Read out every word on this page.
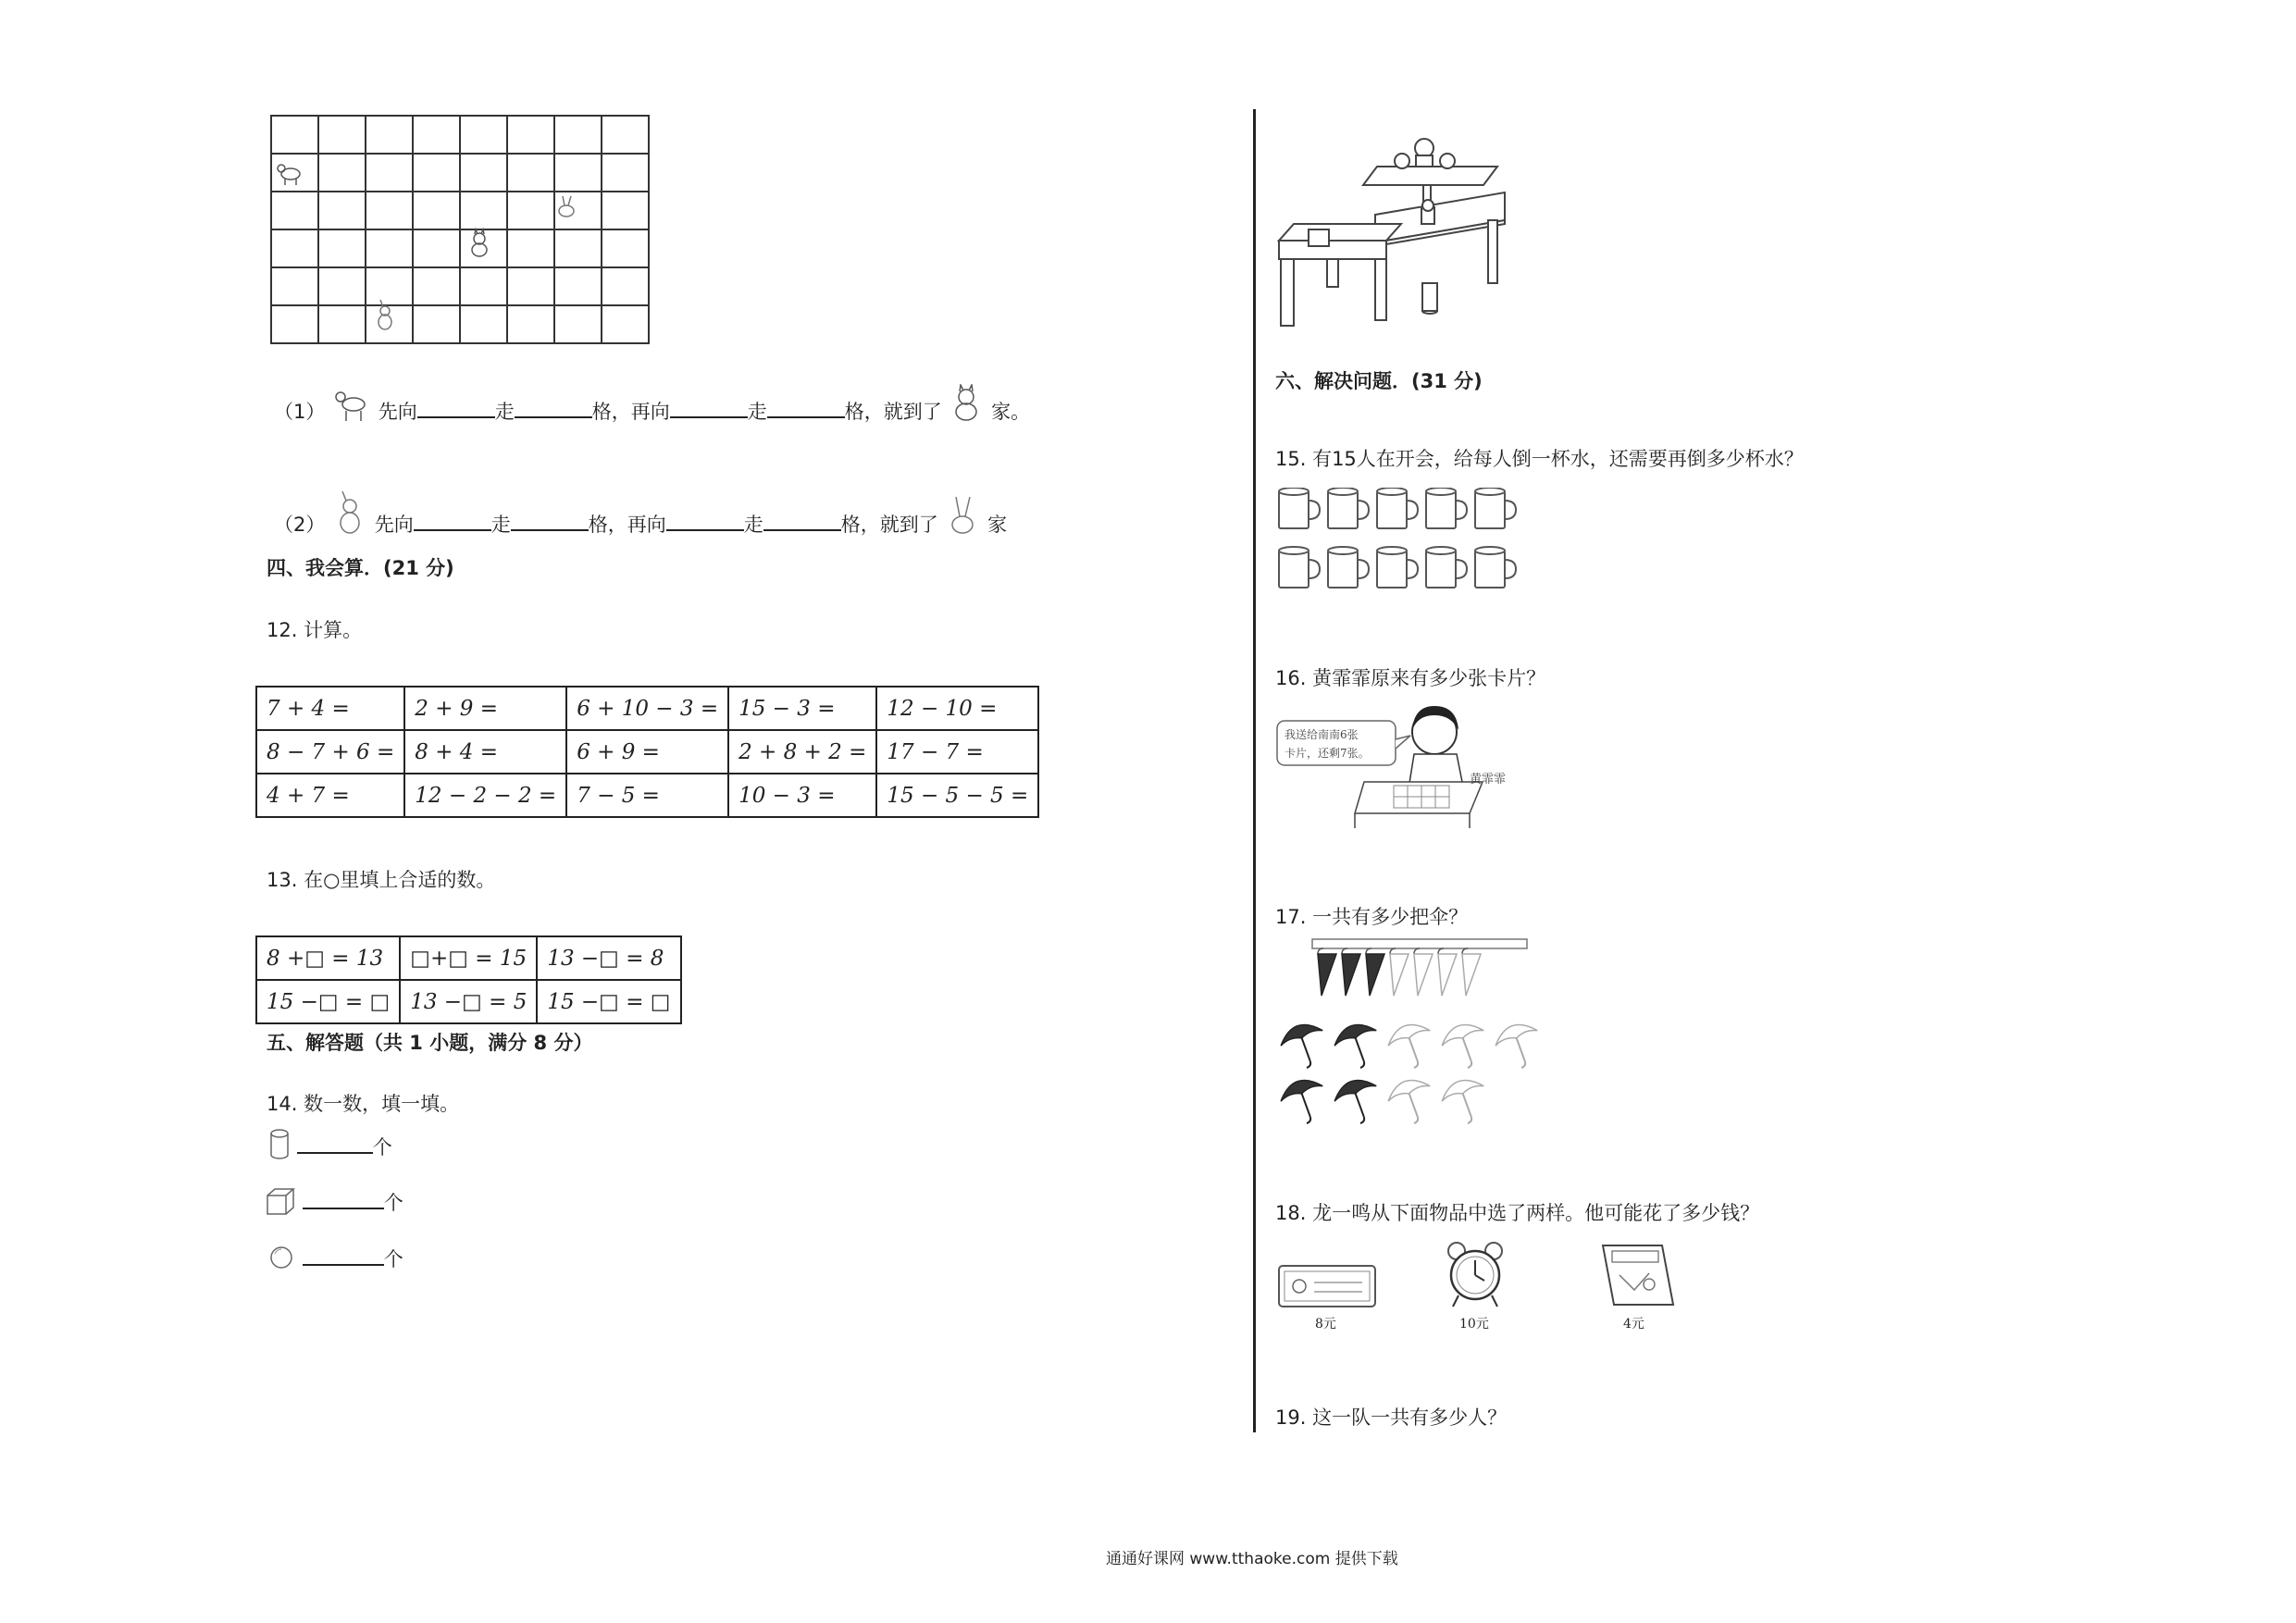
（1）	先向	走	格，再向	走	格，就到了	家。
（2）	先向	走	格，再向	走	格，就到了	家
四、我会算．(21 分)
12. 计算。
7 + 4 =	2 + 9 =	6 + 10 − 3 =	15 − 3 =	12 − 10 =
8 − 7 + 6 =	8 + 4 =	6 + 9 =	2 + 8 + 2 =	17 − 7 =
4 + 7 =	12 − 2 − 2 =	7 − 5 =	10 − 3 =	15 − 5 − 5 =
13. 在○里填上合适的数。
8 +□ = 13	□+□ = 15	13 −□ = 8
15 −□ = □	13 −□ = 5	15 −□ = □
五、解答题（共 1 小题，满分 8 分）
14. 数一数，填一填。
个
个
个
六、解决问题．(31 分)
15. 有15人在开会，给每人倒一杯水，还需要再倒多少杯水？
16. 黄霏霏原来有多少张卡片？
我送给南南6张
卡片，还剩7张。
黄霏霏
17. 一共有多少把伞？
18. 龙一鸣从下面物品中选了两样。他可能花了多少钱？
8元	10元	4元
19. 这一队一共有多少人？
通通好课网 www.tthaoke.com 提供下载
